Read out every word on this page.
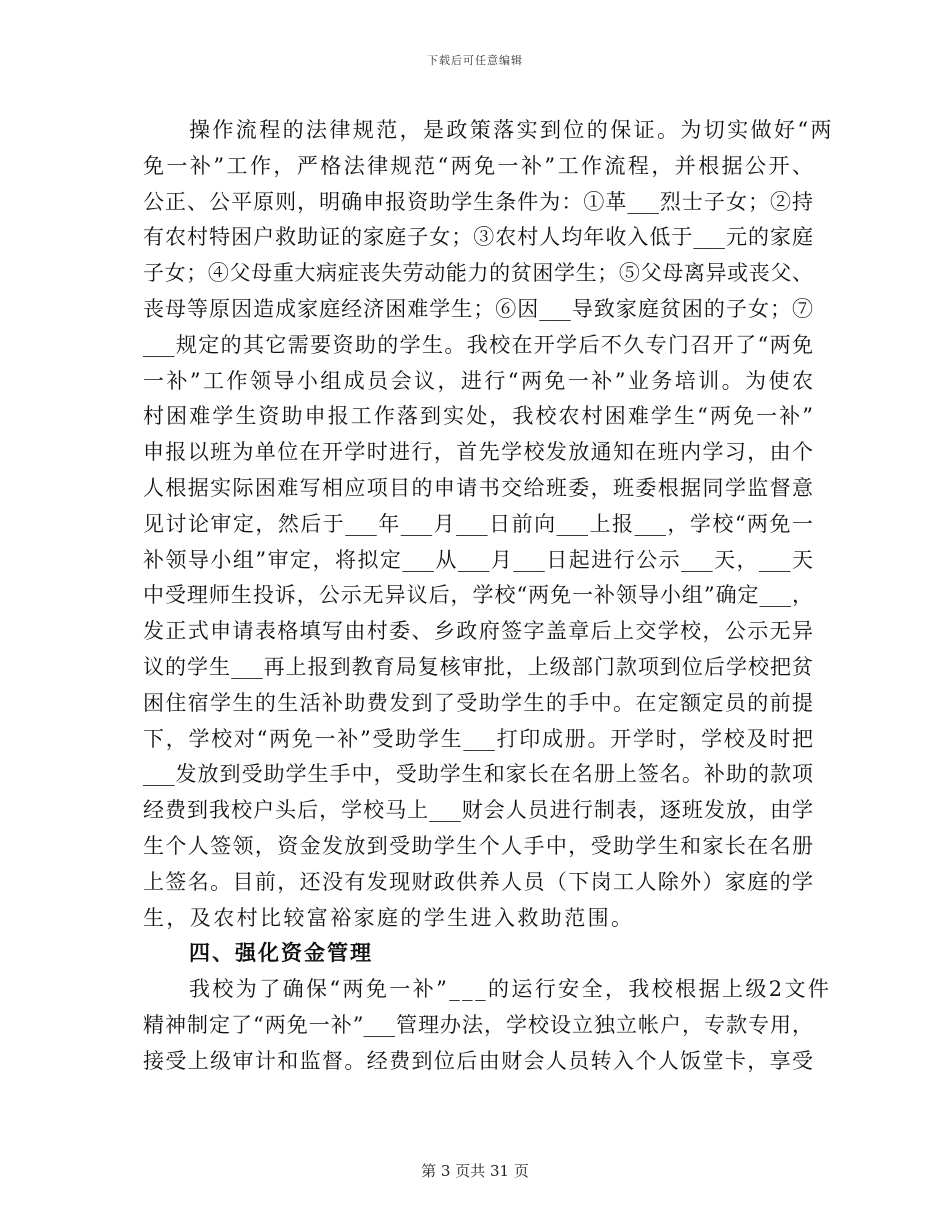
下载后可任意编辑
操作流程的法律规范，是政策落实到位的保证。为切实做好“两
免一补”工作，严格法律规范“两免一补”工作流程，并根据公开、
公正、公平原则，明确申报资助学生条件为：①革___烈士子女；②持
有农村特困户救助证的家庭子女；③农村人均年收入低于___元的家庭
子女；④父母重大病症丧失劳动能力的贫困学生；⑤父母离异或丧父、
丧母等原因造成家庭经济困难学生；⑥因___导致家庭贫困的子女；⑦
___规定的其它需要资助的学生。我校在开学后不久专门召开了“两免
一补”工作领导小组成员会议，进行“两免一补”业务培训。为使农
村困难学生资助申报工作落到实处，我校农村困难学生“两免一补”
申报以班为单位在开学时进行，首先学校发放通知在班内学习，由个
人根据实际困难写相应项目的申请书交给班委，班委根据同学监督意
见讨论审定，然后于___年___月___日前向___上报___，学校“两免一
补领导小组”审定，将拟定___从___月___日起进行公示___天，___天
中受理师生投诉，公示无异议后，学校“两免一补领导小组”确定___，
发正式申请表格填写由村委、乡政府签字盖章后上交学校，公示无异
议的学生___再上报到教育局复核审批，上级部门款项到位后学校把贫
困住宿学生的生活补助费发到了受助学生的手中。在定额定员的前提
下，学校对“两免一补”受助学生___打印成册。开学时，学校及时把
___发放到受助学生手中，受助学生和家长在名册上签名。补助的款项
经费到我校户头后，学校马上___财会人员进行制表，逐班发放，由学
生个人签领，资金发放到受助学生个人手中，受助学生和家长在名册
上签名。目前，还没有发现财政供养人员（下岗工人除外）家庭的学
生，及农村比较富裕家庭的学生进入救助范围。
四、强化资金管理
我校为了确保“两免一补”___的运行安全，我校根据上级2文件
精神制定了“两免一补”___管理办法，学校设立独立帐户，专款专用，
接受上级审计和监督。经费到位后由财会人员转入个人饭堂卡，享受
第 3 页共 31 页
